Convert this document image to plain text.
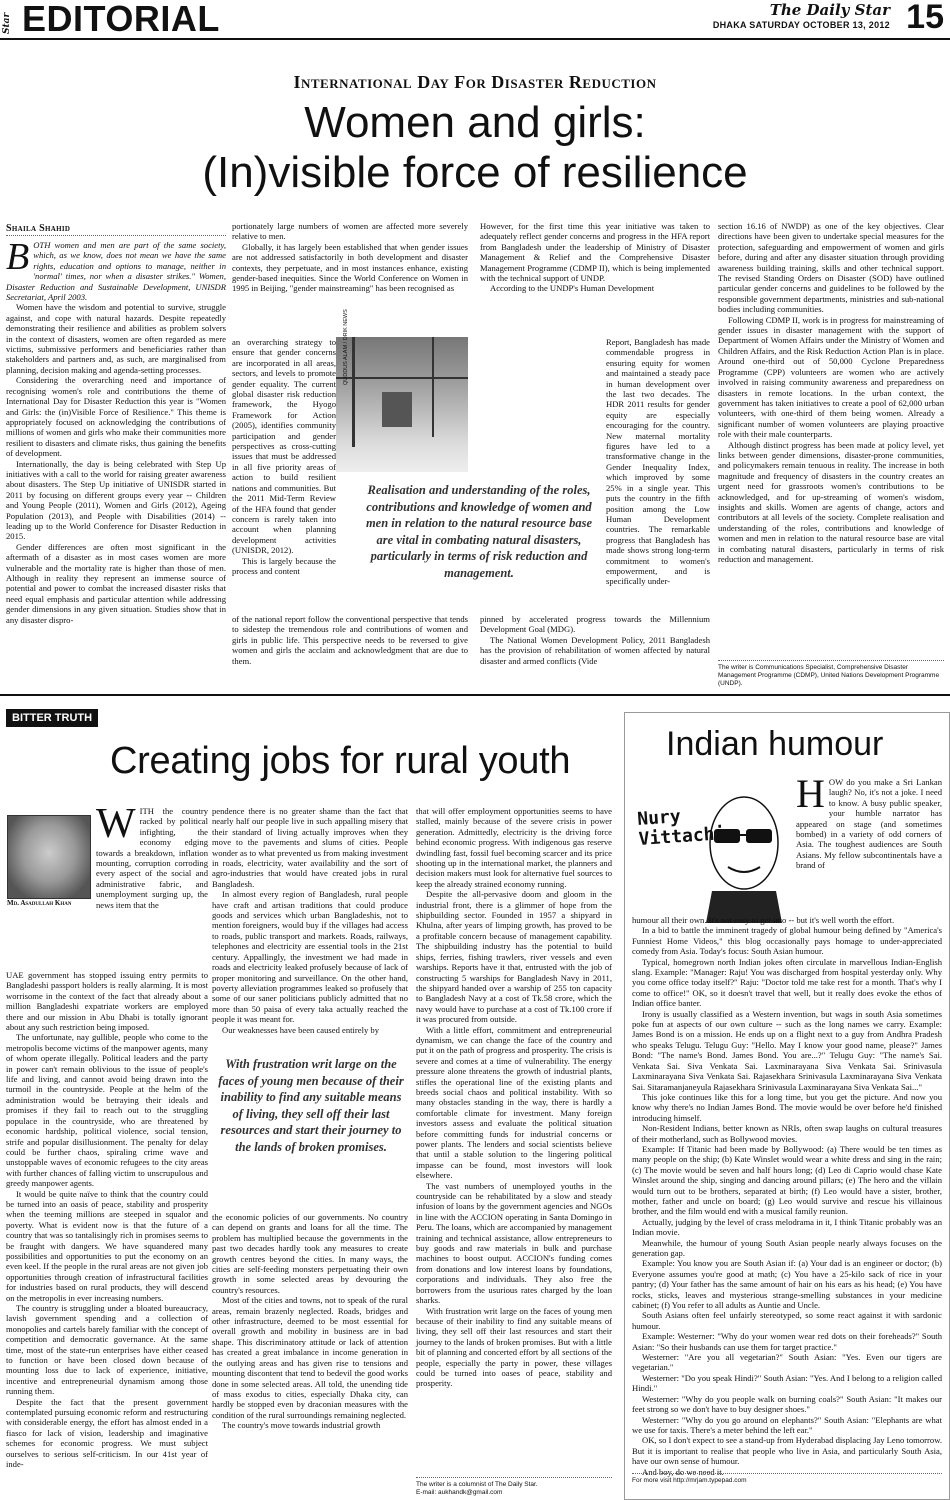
Star EDITORIAL	The Daily Star
DHAKA SATURDAY OCTOBER 13, 2012 15
International Day For Disaster Reduction
Women and girls:
(In)visible force of resilience
Shaila Shahid

BOTH women and men are part of the same society, which, as we know, does not mean we have the same rights, education and options to manage, neither in 'normal' times, nor when a disaster strikes." Women, Disaster Reduction and Sustainable Development, UNISDR Secretariat, April 2003.

Women have the wisdom and potential to survive, struggle against, and cope with natural hazards. Despite repeatedly demonstrating their resilience and abilities as problem solvers in the context of disasters, women are often regarded as mere victims, submissive performers and beneficiaries rather than stakeholders and partners and, as such, are marginalised from planning, decision making and agenda-setting processes.

Considering the overarching need and importance of recognising women's role and contributions the theme of International Day for Disaster Reduction this year is "Women and Girls: the (in)Visible Force of Resilience." This theme is appropriately focused on acknowledging the contributions of millions of women and girls who make their communities more resilient to disasters and climate risks, thus gaining the benefits of development.

Internationally, the day is being celebrated with Step Up initiatives with a call to the world for raising greater awareness about disasters. The Step Up initiative of UNISDR started in 2011 by focusing on different groups every year -- Children and Young People (2011), Women and Girls (2012), Ageing Population (2013), and People with Disabilities (2014) -- leading up to the World Conference for Disaster Reduction in 2015.

Gender differences are often most significant in the aftermath of a disaster as in most cases women are more vulnerable and the mortality rate is higher than those of men. Although in reality they represent an immense source of potential and power to combat the increased disaster risks that need equal emphasis and particular attention while addressing gender dimensions in any given situation. Studies show that in any disaster dispro-

portionately large numbers of women are affected more severely relative to men.

Globally, it has largely been established that when gender issues are not addressed satisfactorily in both development and disaster contexts, they perpetuate, and in most instances enhance, existing gender-based inequities. Since the World Conference on Women in 1995 in Beijing, "gender mainstreaming" has been recognised as

an overarching strategy to ensure that gender concerns are incorporated in all areas, sectors, and levels to promote gender equality. The current global disaster risk reduction framework, the Hyogo Framework for Action (2005), identifies community participation and gender perspectives as cross-cutting issues that must be addressed in all five priority areas of action to build resilient nations and communities. But the 2011 Mid-Term Review of the HFA found that gender concern is rarely taken into account when planning development activities (UNISDR, 2012).

This is largely because the process and content

QUDDUS ALAM / DRIK NEWS
Realisation and understanding of the roles, contributions and knowledge of women and men in relation to the natural resource base are vital in combating natural disasters, particularly in terms of risk reduction and management.

of the national report follow the conventional perspective that tends to sidestep the tremendous role and contributions of women and girls in public life. This perspective needs to be reversed to give women and girls the acclaim and acknowledgment that are due to them.

However, for the first time this year initiative was taken to adequately reflect gender concerns and progress in the HFA report from Bangladesh under the leadership of Ministry of Disaster Management & Relief and the Comprehensive Disaster Management Programme (CDMP II), which is being implemented with the technical support of UNDP.

According to the UNDP's Human Development

Report, Bangladesh has made commendable progress in ensuring equity for women and maintained a steady pace in human development over the last two decades. The HDR 2011 results for gender equity are especially encouraging for the country. New maternal mortality figures have led to a transformative change in the Gender Inequality Index, which improved by some 25% in a single year. This puts the country in the fifth position among the Low Human Development countries. The remarkable progress that Bangladesh has made shows strong long-term commitment to women's empowerment, and is specifically under-

pinned by accelerated progress towards the Millennium Development Goal (MDG).

The National Women Development Policy, 2011 Bangladesh has the provision of rehabilitation of women affected by natural disaster and armed conflicts (Vide

section 16.16 of NWDP) as one of the key objectives. Clear directions have been given to undertake special measures for the protection, safeguarding and empowerment of women and girls before, during and after any disaster situation through providing awareness building training, skills and other technical support. The revised Standing Orders on Disaster (SOD) have outlined particular gender concerns and guidelines to be followed by the responsible government departments, ministries and sub-national bodies including communities.

Following CDMP II, work is in progress for mainstreaming of gender issues in disaster management with the support of Department of Women Affairs under the Ministry of Women and Children Affairs, and the Risk Reduction Action Plan is in place. Around one-third out of 50,000 Cyclone Preparedness Programme (CPP) volunteers are women who are actively involved in raising community awareness and preparedness on disasters in remote locations. In the urban context, the government has taken initiatives to create a pool of 62,000 urban volunteers, with one-third of them being women. Already a significant number of women volunteers are playing proactive role with their male counterparts.

Although distinct progress has been made at policy level, yet links between gender dimensions, disaster-prone communities, and policymakers remain tenuous in reality. The increase in both magnitude and frequency of disasters in the country creates an urgent need for grassroots women's contributions to be acknowledged, and for up-streaming of women's wisdom, insights and skills. Women are agents of change, actors and contributors at all levels of the society. Complete realisation and understanding of the roles, contributions and knowledge of women and men in relation to the natural resource base are vital in combating natural disasters, particularly in terms of risk reduction and management.

The writer is Communications Specialist, Comprehensive Disaster Management Programme (CDMP), United Nations Development Programme (UNDP).
BITTER TRUTH
Creating jobs for rural youth
Md. Asadullah Khan

WITH the country racked by political infighting, the economy edging towards a breakdown, inflation mounting, corruption corroding every aspect of the social and administrative fabric, and unemployment surging up, the news item that the

UAE government has stopped issuing entry permits to Bangladeshi passport holders is really alarming. It is most worrisome in the context of the fact that already about a million Bangladeshi expatriate workers are employed there and our mission in Abu Dhabi is totally ignorant about any such restriction being imposed.

The unfortunate, nay gullible, people who come to the metropolis become victims of the manpower agents, many of whom operate illegally. Political leaders and the party in power can't remain oblivious to the issue of people's life and living, and cannot avoid being drawn into the turmoil in the countryside. People at the helm of the administration would be betraying their ideals and promises if they fail to reach out to the struggling populace in the countryside, who are threatened by economic hardship, political violence, social tension, strife and popular disillusionment. The penalty for delay could be further chaos, spiraling crime wave and unstoppable waves of economic refugees to the city areas with further chances of falling victim to unscrupulous and greedy manpower agents.

It would be quite naïve to think that the country could be turned into an oasis of peace, stability and prosperity when the teeming millions are steeped in squalor and poverty. What is evident now is that the future of a country that was so tantalisingly rich in promises seems to be fraught with dangers. We have squandered many possibilities and opportunities to put the economy on an even keel. If the people in the rural areas are not given job opportunities through creation of infrastructural facilities for industries based on rural products, they will descend on the metropolis in ever increasing numbers.

The country is struggling under a bloated bureaucracy, lavish government spending and a collection of monopolies and cartels barely familiar with the concept of competition and democratic governance. At the same time, most of the state-run enterprises have either ceased to function or have been closed down because of mounting loss due to lack of experience, initiative, incentive and entrepreneurial dynamism among those running them.

Despite the fact that the present government contemplated pursuing economic reform and restructuring with considerable energy, the effort has almost ended in a fiasco for lack of vision, leadership and imaginative schemes for economic progress. We must subject ourselves to serious self-criticism. In our 41st year of inde-

pendence there is no greater shame than the fact that nearly half our people live in such appalling misery that their standard of living actually improves when they move to the pavements and slums of cities. People wonder as to what prevented us from making investment in roads, electricity, water availability and the sort of agro-industries that would have created jobs in rural Bangladesh.

In almost every region of Bangladesh, rural people have craft and artisan traditions that could produce goods and services which urban Bangladeshis, not to mention foreigners, would buy if the villages had access to roads, public transport and markets. Roads, railways, telephones and electricity are essential tools in the 21st century. Appallingly, the investment we had made in roads and electricity leaked profusely because of lack of proper monitoring and surveillance. On the other hand, poverty alleviation programmes leaked so profusely that some of our saner politicians publicly admitted that no more than 50 paisa of every taka actually reached the people it was meant for.

Our weaknesses have been caused entirely by

With frustration writ large on the faces of young men because of their inability to find any suitable means of living, they sell off their last resources and start their journey to the lands of broken promises.

the economic policies of our governments. No country can depend on grants and loans for all the time. The problem has multiplied because the governments in the past two decades hardly took any measures to create growth centres beyond the cities. In many ways, the cities are self-feeding monsters perpetuating their own growth in some selected areas by devouring the country's resources.

Most of the cities and towns, not to speak of the rural areas, remain brazenly neglected. Roads, bridges and other infrastructure, deemed to be most essential for overall growth and mobility in business are in bad shape. This discriminatory attitude or lack of attention has created a great imbalance in income generation in the outlying areas and has given rise to tensions and mounting discontent that tend to bedevil the good works done in some selected areas. All told, the unending tide of mass exodus to cities, especially Dhaka city, can hardly be stopped even by draconian measures with the condition of the rural surroundings remaining neglected.

The country's move towards industrial growth

that will offer employment opportunities seems to have stalled, mainly because of the severe crisis in power generation. Admittedly, electricity is the driving force behind economic progress. With indigenous gas reserve dwindling fast, fossil fuel becoming scarcer and its price shooting up in the international market, the planners and decision makers must look for alternative fuel sources to keep the already strained economy running.

Despite the all-pervasive doom and gloom in the industrial front, there is a glimmer of hope from the shipbuilding sector. Founded in 1957 a shipyard in Khulna, after years of limping growth, has proved to be a profitable concern because of management capability. The shipbuilding industry has the potential to build ships, ferries, fishing trawlers, river vessels and even warships. Reports have it that, entrusted with the job of constructing 5 warships for Bangladesh Navy in 2011, the shipyard handed over a warship of 255 ton capacity to Bangladesh Navy at a cost of Tk.58 crore, which the navy would have to purchase at a cost of Tk.100 crore if it was procured from outside.

With a little effort, commitment and entrepreneurial dynamism, we can change the face of the country and put it on the path of progress and prosperity. The crisis is severe and comes at a time of vulnerability. The energy pressure alone threatens the growth of industrial plants, stifles the operational line of the existing plants and breeds social chaos and political instability. With so many obstacles standing in the way, there is hardly a comfortable climate for investment. Many foreign investors assess and evaluate the political situation before committing funds for industrial concerns or power plants. The lenders and social scientists believe that until a stable solution to the lingering political impasse can be found, most investors will look elsewhere.

The vast numbers of unemployed youths in the countryside can be rehabilitated by a slow and steady infusion of loans by the government agencies and NGOs in line with the ACCION operating in Santa Domingo in Peru. The loans, which are accompanied by management training and technical assistance, allow entrepreneurs to buy goods and raw materials in bulk and purchase machines to boost output. ACCION's funding comes from donations and low interest loans by foundations, corporations and individuals. They also free the borrowers from the usurious rates charged by the loan sharks.

With frustration writ large on the faces of young men because of their inability to find any suitable means of living, they sell off their last resources and start their journey to the lands of broken promises. But with a little bit of planning and concerted effort by all sections of the people, especially the party in power, these villages could be turned into oases of peace, stability and prosperity.

The writer is a columnist of The Daily Star.
E-mail: aukhandk@gmail.com
Indian humour
Nury
Vittachi

HOW do you make a Sri Lankan laugh? No, it's not a joke. I need to know. A busy public speaker, your humble narrator has appeared on stage (and sometimes bombed) in a variety of odd corners of Asia. The toughest audiences are South Asians. My fellow subcontinentals have a brand of

humour all their own. It's not easy to get into -- but it's well worth the effort.

In a bid to battle the imminent tragedy of global humour being defined by "America's Funniest Home Videos," this blog occasionally pays homage to under-appreciated comedy from Asia. Today's focus: South Asian humour.

Typical, homegrown north Indian jokes often circulate in marvellous Indian-English slang. Example: "Manager: Raju! You was discharged from hospital yesterday only. Why you come office today itself?" Raju: "Doctor told me take rest for a month. That's why I come to office!" OK, so it doesn't travel that well, but it really does evoke the ethos of Indian office banter.

Irony is usually classified as a Western invention, but wags in south Asia sometimes poke fun at aspects of our own culture -- such as the long names we carry. Example: James Bond is on a mission. He ends up on a flight next to a guy from Andhra Pradesh who speaks Telugu. Telugu Guy: "Hello. May I know your good name, please?" James Bond: "The name's Bond. James Bond. You are...?" Telugu Guy: "The name's Sai. Venkata Sai. Siva Venkata Sai. Laxminarayana Siva Venkata Sai. Srinivasula Laxminarayana Siva Venkata Sai. Rajasekhara Srinivasula Laxminarayana Siva Venkata Sai. Sitaramanjaneyula Rajasekhara Srinivasula Laxminarayana Siva Venkata Sai..."

This joke continues like this for a long time, but you get the picture. And now you know why there's no Indian James Bond. The movie would be over before he'd finished introducing himself.

Non-Resident Indians, better known as NRIs, often swap laughs on cultural treasures of their motherland, such as Bollywood movies.

Example: If Titanic had been made by Bollywood: (a) There would be ten times as many people on the ship; (b) Kate Winslet would wear a white dress and sing in the rain; (c) The movie would be seven and half hours long; (d) Leo di Caprio would chase Kate Winslet around the ship, singing and dancing around pillars; (e) The hero and the villain would turn out to be brothers, separated at birth; (f) Leo would have a sister, brother, mother, father and uncle on board; (g) Leo would survive and rescue his villainous brother, and the film would end with a musical family reunion.

Actually, judging by the level of crass melodrama in it, I think Titanic probably was an Indian movie.

Meanwhile, the humour of young South Asian people nearly always focuses on the generation gap.

Example: You know you are South Asian if: (a) Your dad is an engineer or doctor; (b) Everyone assumes you're good at math; (c) You have a 25-kilo sack of rice in your pantry; (d) Your father has the same amount of hair on his ears as his head; (e) You have rocks, sticks, leaves and mysterious strange-smelling substances in your medicine cabinet; (f) You refer to all adults as Auntie and Uncle.

South Asians often feel unfairly stereotyped, so some react against it with sardonic humour.

Example: Westerner: "Why do your women wear red dots on their foreheads?" South Asian: "So their husbands can use them for target practice."

Westerner: "Are you all vegetarian?" South Asian: "Yes. Even our tigers are vegetarian."

Westerner: "Do you speak Hindi?" South Asian: "Yes. And I belong to a religion called Hindi."

Westerner: "Why do you people walk on burning coals?" South Asian: "It makes our feet strong so we don't have to buy designer shoes."

Westerner: "Why do you go around on elephants?" South Asian: "Elephants are what we use for taxis. There's a meter behind the left ear."

OK, so I don't expect to see a stand-up from Hyderabad displacing Jay Leno tomorrow. But it is important to realise that people who live in Asia, and particularly South Asia, have our own sense of humour.

And boy, do we need it.

For more visit http://mrjam.typepad.com
